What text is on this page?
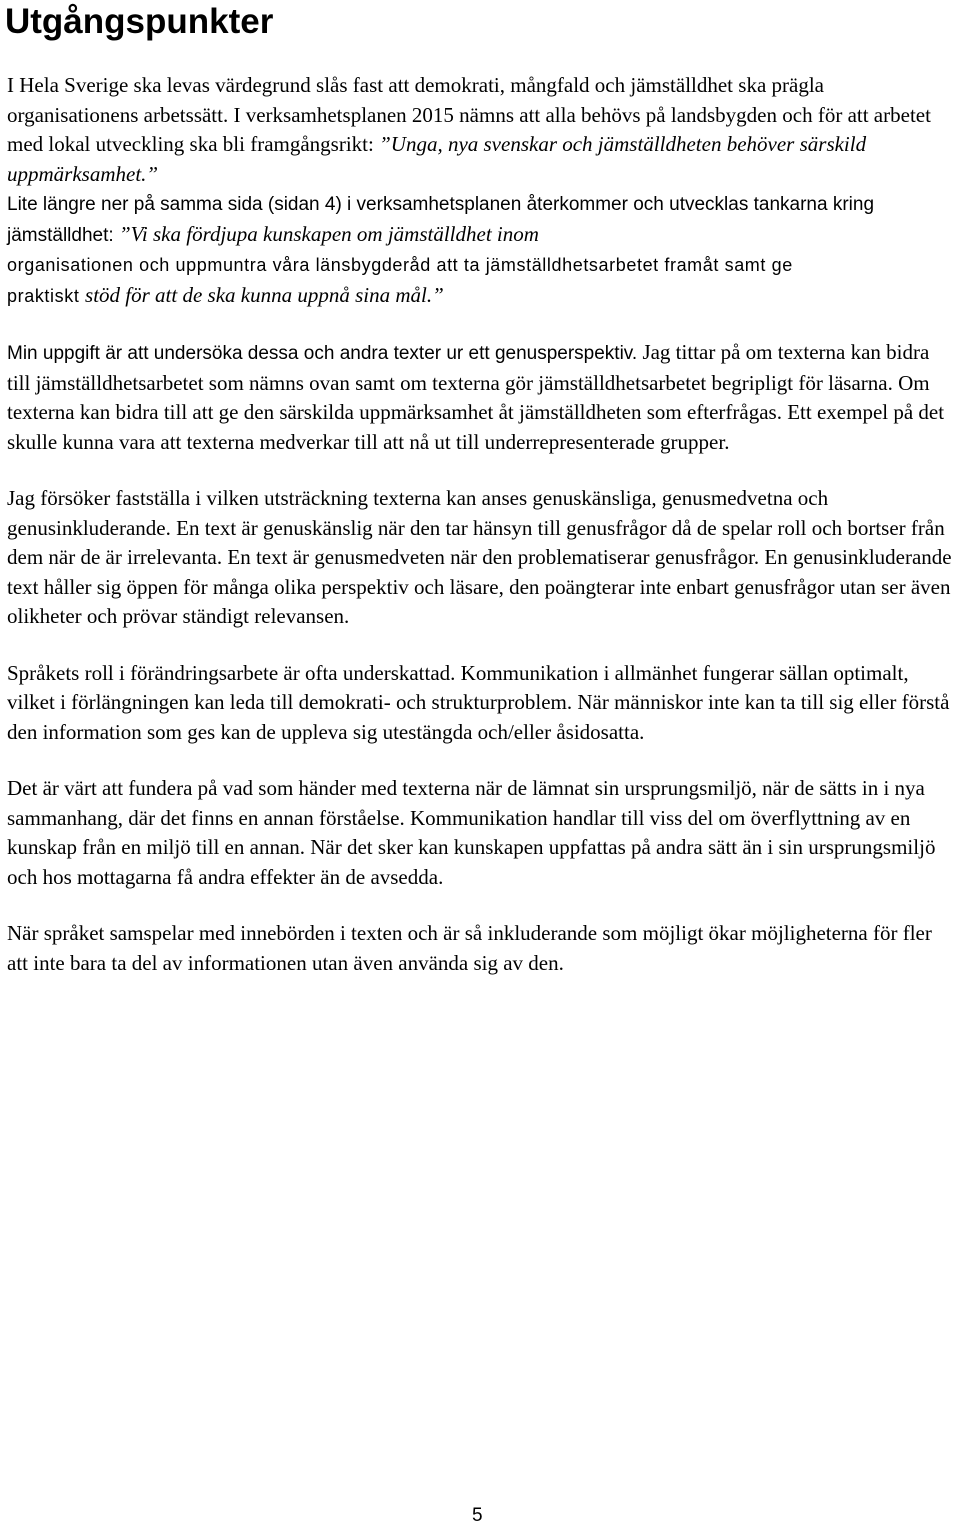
Utgångspunkter

I Hela Sverige ska levas värdegrund slås fast att demokrati, mångfald och jämställdhet ska prägla organisationens arbetssätt. I verksamhetsplanen 2015 nämns att alla behövs på landsbygden och för att arbetet med lokal utveckling ska bli framgångsrikt: ”Unga, nya svenskar och jämställdheten behöver särskild uppmärksamhet.”
Lite längre ner på samma sida (sidan 4) i verksamhetsplanen återkommer och utvecklas tankarna kring jämställdhet: ”Vi ska fördjupa kunskapen om jämställdhet inom
organisationen och uppmuntra våra länsbygderåd att ta jämställdhetsarbetet framåt samt ge
praktiskt stöd för att de ska kunna uppnå sina mål.”

Min uppgift är att undersöka dessa och andra texter ur ett genusperspektiv. Jag tittar på om texterna kan bidra till jämställdhetsarbetet som nämns ovan samt om texterna gör jämställdhetsarbetet begripligt för läsarna. Om texterna kan bidra till att ge den särskilda uppmärksamhet åt jämställdheten som efterfrågas. Ett exempel på det skulle kunna vara att texterna medverkar till att nå ut till underrepresenterade grupper.

Jag försöker fastställa i vilken utsträckning texterna kan anses genuskänsliga, genusmedvetna och genusinkluderande. En text är genuskänslig när den tar hänsyn till genusfrågor då de spelar roll och bortser från dem när de är irrelevanta. En text är genusmedveten när den problematiserar genusfrågor. En genusinkluderande text håller sig öppen för många olika perspektiv och läsare, den poängterar inte enbart genusfrågor utan ser även olikheter och prövar ständigt relevansen.

Språkets roll i förändringsarbete är ofta underskattad. Kommunikation i allmänhet fungerar sällan optimalt, vilket i förlängningen kan leda till demokrati- och strukturproblem. När människor inte kan ta till sig eller förstå den information som ges kan de uppleva sig utestängda och/eller åsidosatta.

Det är värt att fundera på vad som händer med texterna när de lämnat sin ursprungsmiljö, när de sätts in i nya sammanhang, där det finns en annan förståelse. Kommunikation handlar till viss del om överflyttning av en kunskap från en miljö till en annan. När det sker kan kunskapen uppfattas på andra sätt än i sin ursprungsmiljö och hos mottagarna få andra effekter än de avsedda.

När språket samspelar med innebörden i texten och är så inkluderande som möjligt ökar möjligheterna för fler att inte bara ta del av informationen utan även använda sig av den.

5
